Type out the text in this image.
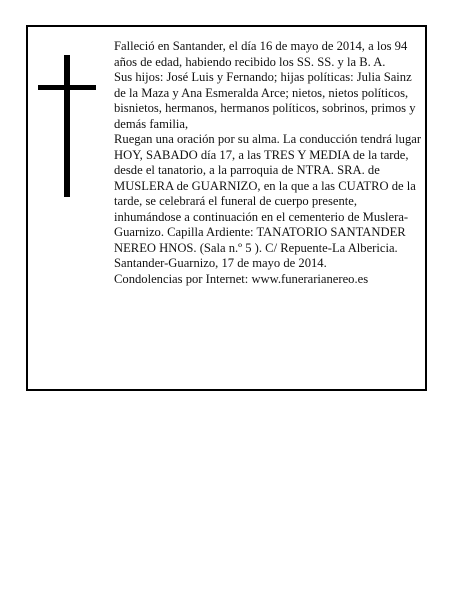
Falleció en Santander, el día 16 de mayo de 2014, a los 94 años de edad, habiendo recibido los SS. SS. y la B. A.

Sus hijos: José Luis y Fernando; hijas políticas: Julia Sainz de la Maza y Ana Esmeralda Arce; nietos, nietos políticos, bisnietos, hermanos, hermanos políticos, sobrinos, primos y demás familia,

Ruegan una oración por su alma. La conducción tendrá lugar HOY, SABADO día 17, a las TRES Y MEDIA de la tarde, desde el tanatorio, a la parroquia de NTRA. SRA. de MUSLERA de GUARNIZO, en la que a las CUATRO de la tarde, se celebrará el funeral de cuerpo presente, inhumándose a continuación en el cementerio de Muslera-Guarnizo. Capilla Ardiente: TANATORIO SANTANDER NEREO HNOS. (Sala n.º 5 ). C/ Repuente-La Albericia.

Santander-Guarnizo, 17 de mayo de 2014.

Condolencias por Internet: www.funerarianereo.es
